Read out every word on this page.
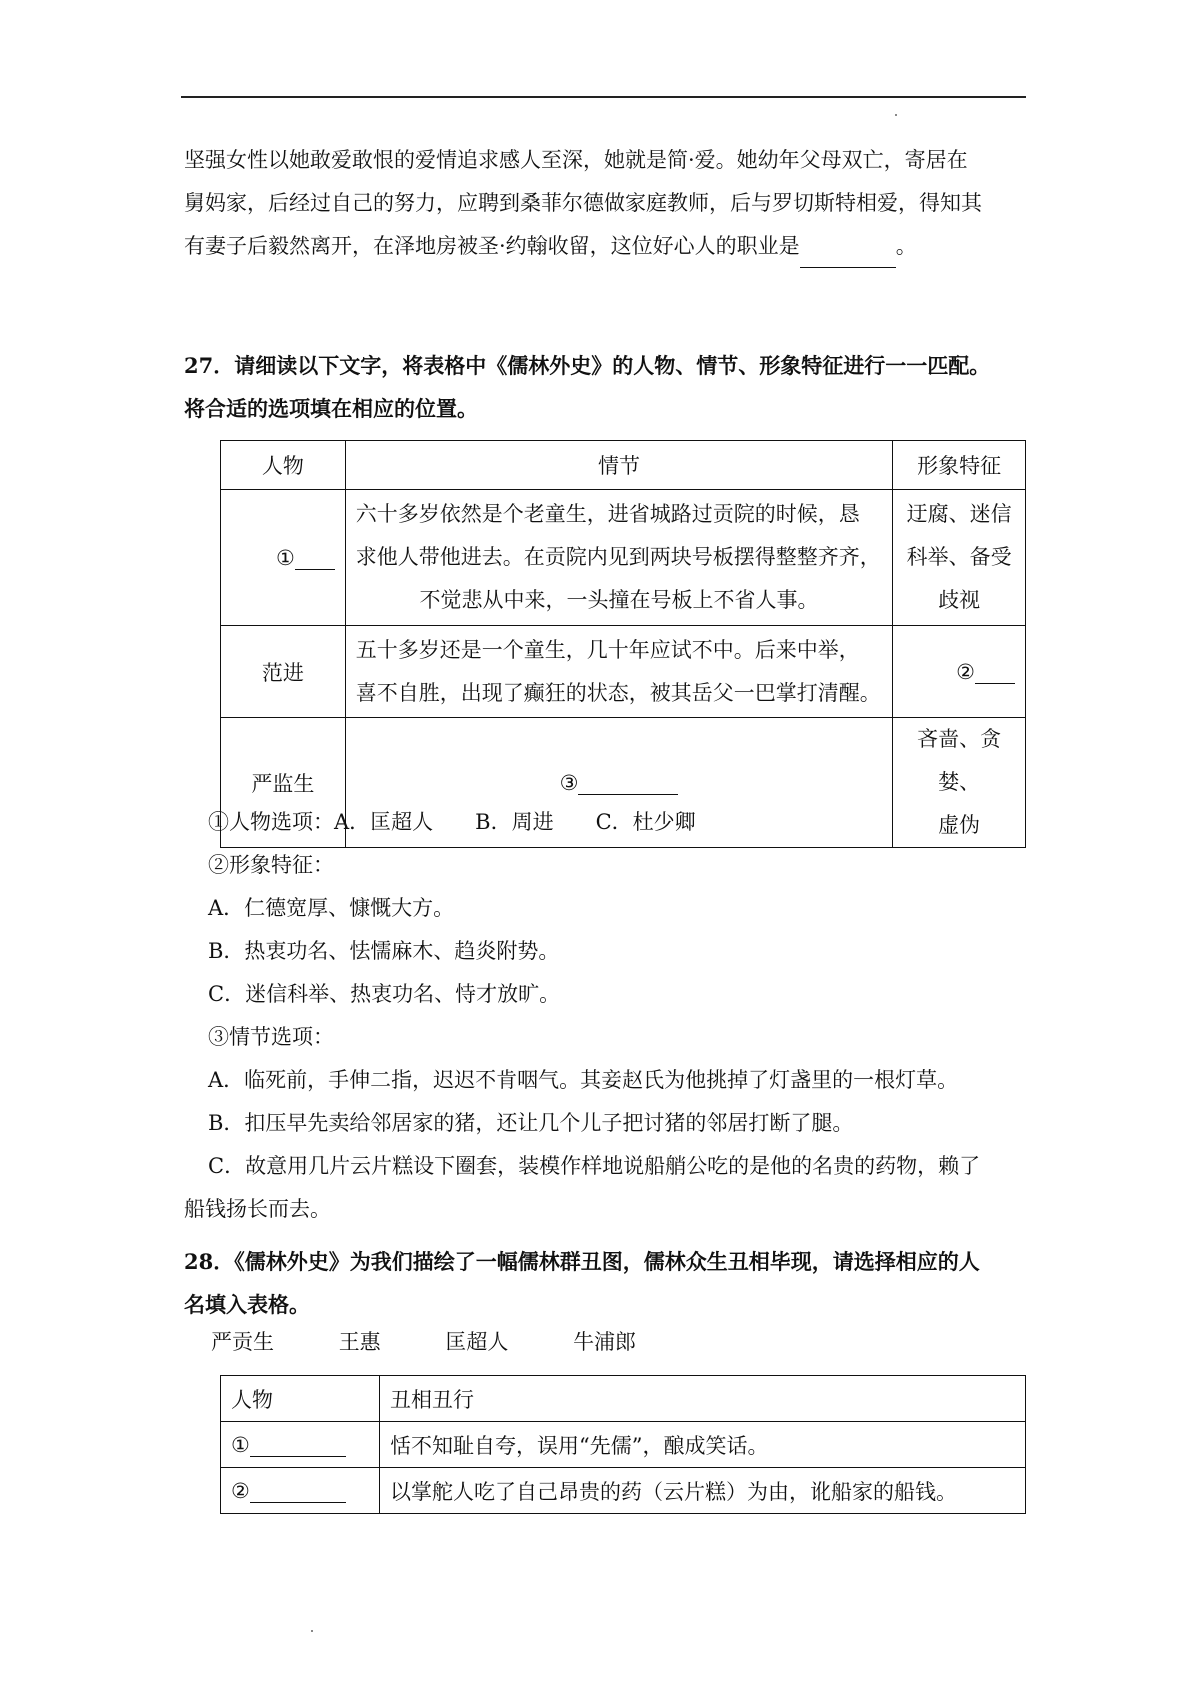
坚强女性以她敢爱敢恨的爱情追求感人至深，她就是简·爱。她幼年父母双亡，寄居在

舅妈家，后经过自己的努力，应聘到桑菲尔德做家庭教师，后与罗切斯特相爱，得知其

有妻子后毅然离开，在泽地房被圣·约翰收留，这位好心人的职业是	。

27．请细读以下文字，将表格中《儒林外史》的人物、情节、形象特征进行一一匹配。

将合适的选项填在相应的位置。

人物	情节	形象特征
①	六十多岁依然是个老童生，进省城路过贡院的时候，恳
求他人带他进去。在贡院内见到两块号板摆得整整齐齐，
不觉悲从中来，一头撞在号板上不省人事。	迂腐、迷信
科举、备受
歧视

范进	五十多岁还是一个童生，几十年应试不中。后来中举，
喜不自胜，出现了癫狂的状态，被其岳父一巴掌打清醒。	②
严监生	③	吝啬、贪婪、
虚伪

①人物选项：A．匡超人　　B．周进　　C．杜少卿

②形象特征：

A．仁德宽厚、慷慨大方。

B．热衷功名、怯懦麻木、趋炎附势。

C．迷信科举、热衷功名、恃才放旷。

③情节选项：

A．临死前，手伸二指，迟迟不肯咽气。其妾赵氏为他挑掉了灯盏里的一根灯草。

B．扣压早先卖给邻居家的猪，还让几个儿子把讨猪的邻居打断了腿。

C．故意用几片云片糕设下圈套，装模作样地说船艄公吃的是他的名贵的药物，赖了

船钱扬长而去。

28．《儒林外史》为我们描绘了一幅儒林群丑图，儒林众生丑相毕现，请选择相应的人

名填入表格。

严贡生	王惠	匡超人	牛浦郎
人物	丑相丑行
①	恬不知耻自夸，误用“先儒”，酿成笑话。
②	以掌舵人吃了自己昂贵的药（云片糕）为由，讹船家的船钱。
